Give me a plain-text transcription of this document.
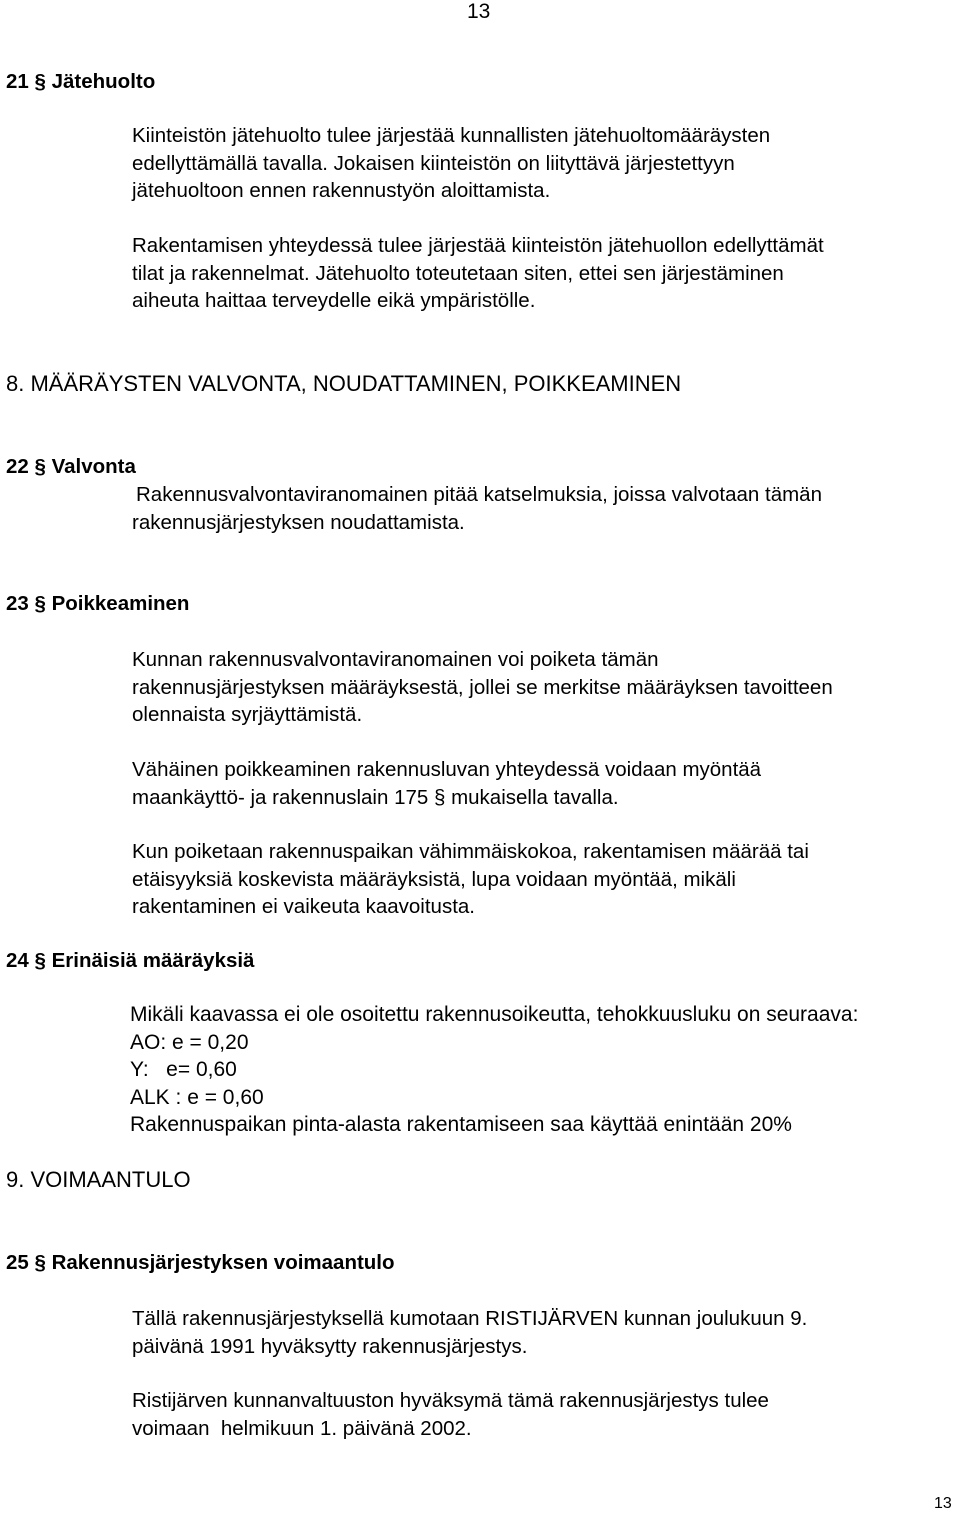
13
21 § Jätehuolto
Kiinteistön jätehuolto tulee järjestää kunnallisten jätehuoltomääräysten
edellyttämällä tavalla. Jokaisen kiinteistön on liityttävä järjestettyyn
jätehuoltoon ennen rakennustyön aloittamista.
Rakentamisen yhteydessä tulee järjestää kiinteistön jätehuollon edellyttämät
tilat ja rakennelmat. Jätehuolto toteutetaan siten, ettei sen järjestäminen
aiheuta haittaa terveydelle eikä ympäristölle.
8. MÄÄRÄYSTEN VALVONTA, NOUDATTAMINEN, POIKKEAMINEN
22 § Valvonta
Rakennusvalvontaviranomainen pitää katselmuksia, joissa valvotaan tämän
rakennusjärjestyksen noudattamista.
23 § Poikkeaminen
Kunnan rakennusvalvontaviranomainen voi poiketa tämän
rakennusjärjestyksen määräyksestä, jollei se merkitse määräyksen tavoitteen
olennaista syrjäyttämistä.
Vähäinen poikkeaminen rakennusluvan yhteydessä voidaan myöntää
maankäyttö- ja rakennuslain 175 § mukaisella tavalla.
Kun poiketaan rakennuspaikan vähimmäiskokoa, rakentamisen määrää tai
etäisyyksiä koskevista määräyksistä, lupa voidaan myöntää, mikäli
rakentaminen ei vaikeuta kaavoitusta.
24 § Erinäisiä määräyksiä
Mikäli kaavassa ei ole osoitettu rakennusoikeutta, tehokkuusluku on seuraava:
AO: e = 0,20
Y:   e= 0,60
ALK : e = 0,60
Rakennuspaikan pinta-alasta rakentamiseen saa käyttää enintään 20%
9. VOIMAANTULO
25 § Rakennusjärjestyksen voimaantulo
Tällä rakennusjärjestyksellä kumotaan RISTIJÄRVEN kunnan joulukuun 9.
päivänä 1991 hyväksytty rakennusjärjestys.
Ristijärven kunnanvaltuuston hyväksymä tämä rakennusjärjestys tulee
voimaan  helmikuun 1. päivänä 2002.
13
